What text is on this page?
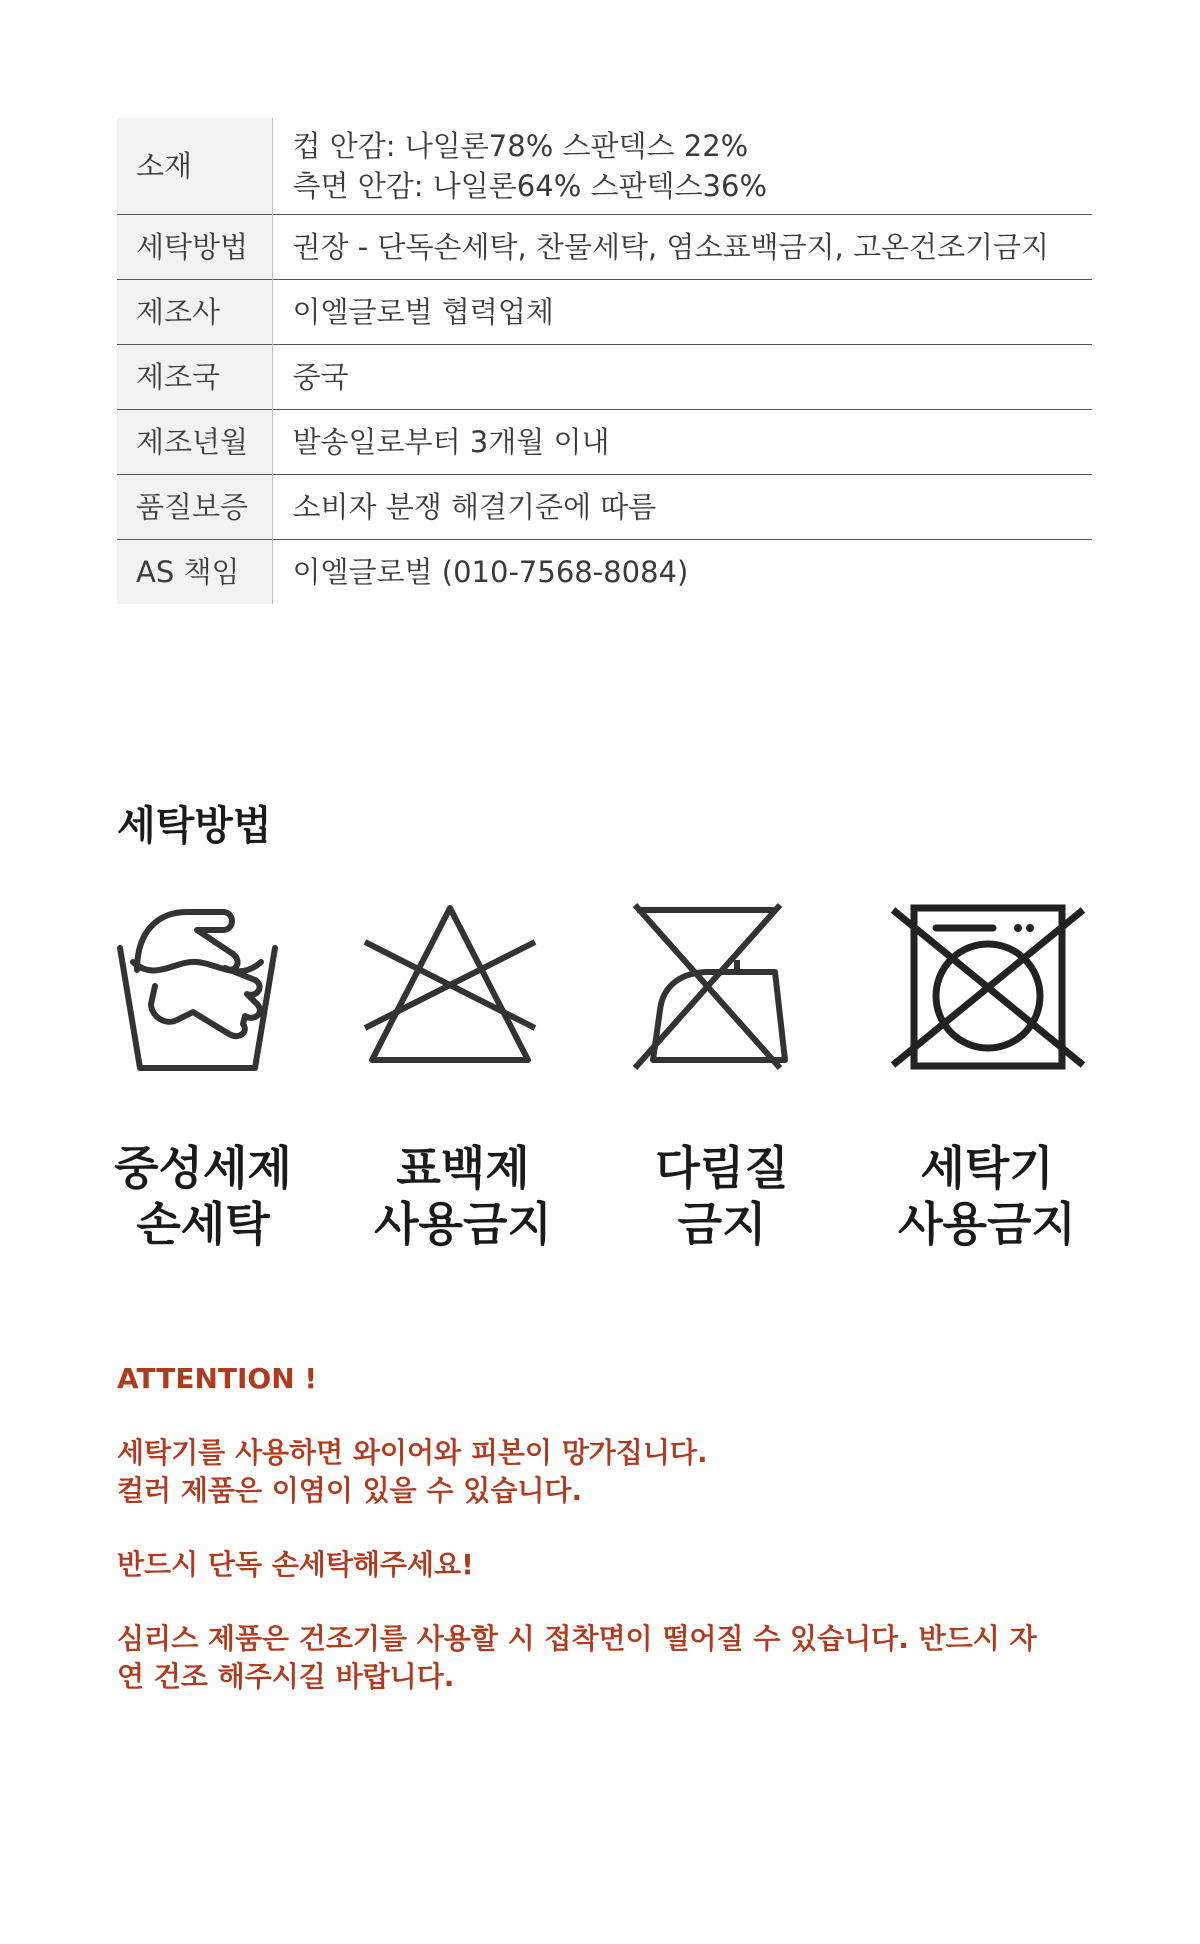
소재	컵 안감: 나일론78% 스판덱스 22%
측면 안감: 나일론64% 스판텍스36%

세탁방법	권장 - 단독손세탁, 찬물세탁, 염소표백금지, 고온건조기금지
제조사	이엘글로벌 협력업체
제조국	중국
제조년월	발송일로부터 3개월 이내
품질보증	소비자 분쟁 해결기준에 따름
AS 책임	이엘글로벌 (010-7568-8084)
세탁방법
중성세제
손세탁
표백제
사용금지
다림질
금지
세탁기
사용금지

ATTENTION !

세탁기를 사용하면 와이어와 피본이 망가집니다.

컬러 제품은 이염이 있을 수 있습니다.

반드시 단독 손세탁해주세요!

심리스 제품은 건조기를 사용할 시 접착면이 떨어질 수 있습니다. 반드시 자

연 건조 해주시길 바랍니다.
